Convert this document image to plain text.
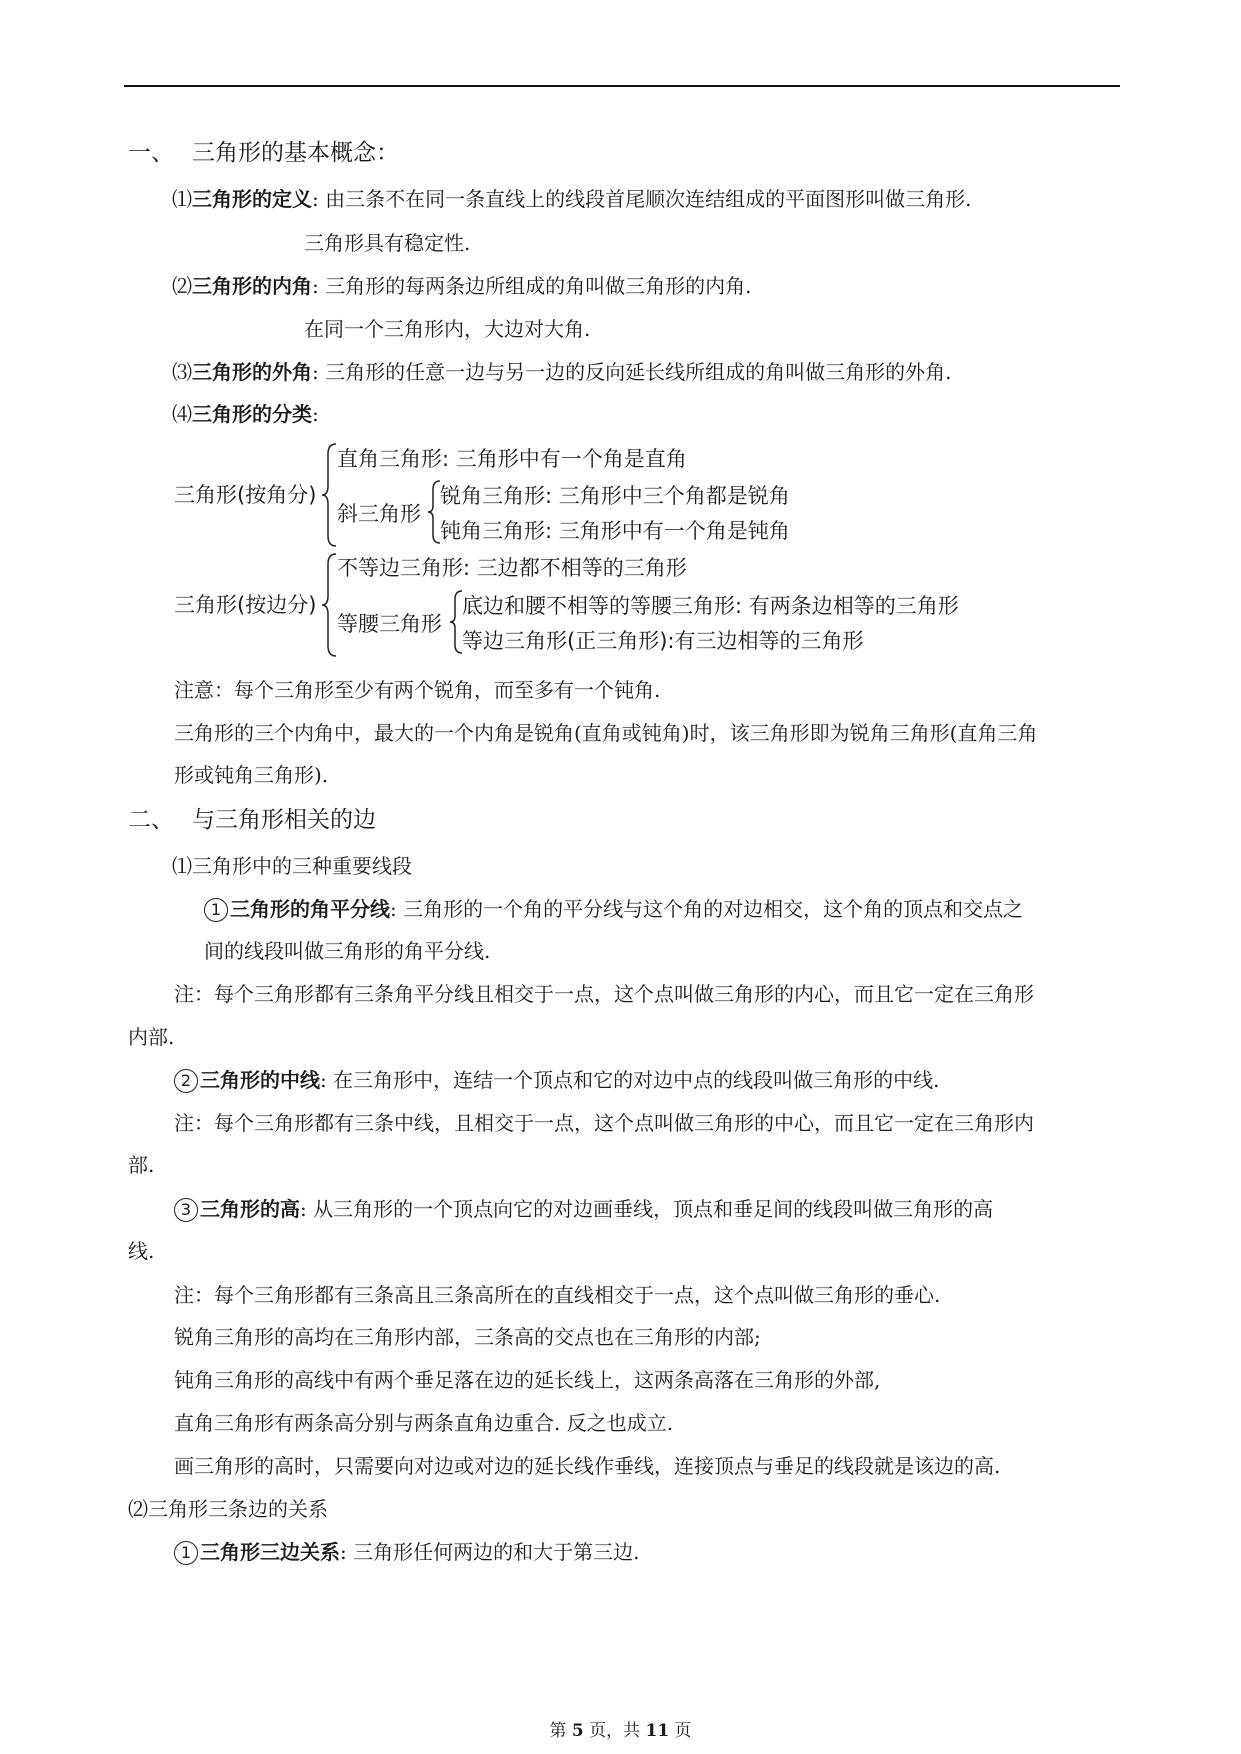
一、 三角形的基本概念：
⑴三角形的定义: 由三条不在同一条直线上的线段首尾顺次连结组成的平面图形叫做三角形.
三角形具有稳定性.
⑵三角形的内角: 三角形的每两条边所组成的角叫做三角形的内角.
在同一个三角形内，大边对大角.
⑶三角形的外角: 三角形的任意一边与另一边的反向延长线所组成的角叫做三角形的外角.
⑷三角形的分类:
三角形(按角分)
直角三角形: 三角形中有一个角是直角
斜三角形
锐角三角形: 三角形中三个角都是锐角
钝角三角形: 三角形中有一个角是钝角
三角形(按边分)
不等边三角形: 三边都不相等的三角形
等腰三角形
底边和腰不相等的等腰三角形: 有两条边相等的三角形
等边三角形(正三角形):有三边相等的三角形
注意：每个三角形至少有两个锐角，而至多有一个钝角.
三角形的三个内角中，最大的一个内角是锐角(直角或钝角)时，该三角形即为锐角三角形(直角三角
形或钝角三角形).
二、 与三角形相关的边
⑴三角形中的三种重要线段
1 三角形的角平分线: 三角形的一个角的平分线与这个角的对边相交，这个角的顶点和交点之
间的线段叫做三角形的角平分线.
注：每个三角形都有三条角平分线且相交于一点，这个点叫做三角形的内心，而且它一定在三角形
内部.
2 三角形的中线: 在三角形中，连结一个顶点和它的对边中点的线段叫做三角形的中线.
注：每个三角形都有三条中线，且相交于一点，这个点叫做三角形的中心，而且它一定在三角形内
部.
3 三角形的高: 从三角形的一个顶点向它的对边画垂线，顶点和垂足间的线段叫做三角形的高
线.
注：每个三角形都有三条高且三条高所在的直线相交于一点，这个点叫做三角形的垂心.
锐角三角形的高均在三角形内部，三条高的交点也在三角形的内部;
钝角三角形的高线中有两个垂足落在边的延长线上，这两条高落在三角形的外部,
直角三角形有两条高分别与两条直角边重合. 反之也成立.
画三角形的高时，只需要向对边或对边的延长线作垂线，连接顶点与垂足的线段就是该边的高.
⑵三角形三条边的关系
1 三角形三边关系: 三角形任何两边的和大于第三边.
第 5 页，共 11 页
